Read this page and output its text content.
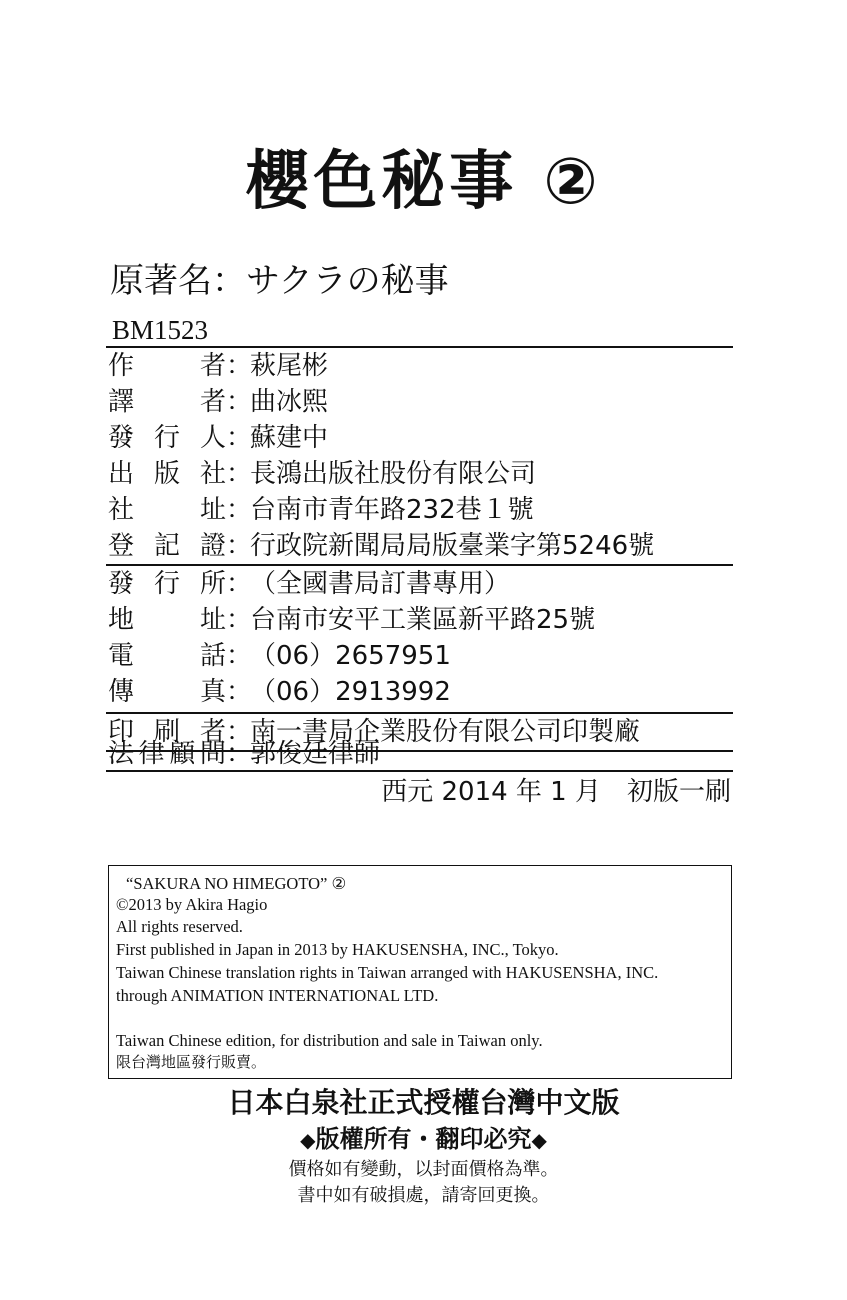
櫻色秘事 ②
原著名：サクラの秘事
BM1523
作者：萩尾彬
譯者：曲冰熙
發行人：蘇建中
出版社：長鴻出版社股份有限公司
社址：台南市青年路232巷１號
登記證：行政院新聞局局版臺業字第5246號
發行所：（全國書局訂書專用）
地址：台南市安平工業區新平路25號
電話：（06）2657951
傳真：（06）2913992
印刷者：南一書局企業股份有限公司印製廠
法律顧問：郭俊廷律師
西元 2014 年 1 月　初版一刷
“SAKURA NO HIMEGOTO” ②
©2013 by Akira Hagio
All rights reserved.
First published in Japan in 2013 by HAKUSENSHA, INC., Tokyo.
Taiwan Chinese translation rights in Taiwan arranged with HAKUSENSHA, INC.
through ANIMATION INTERNATIONAL LTD.
Taiwan Chinese edition, for distribution and sale in Taiwan only.
限台灣地區發行販賣。
日本白泉社正式授權台灣中文版
◆版權所有・翻印必究◆
價格如有變動，以封面價格為準。
書中如有破損處，請寄回更換。
